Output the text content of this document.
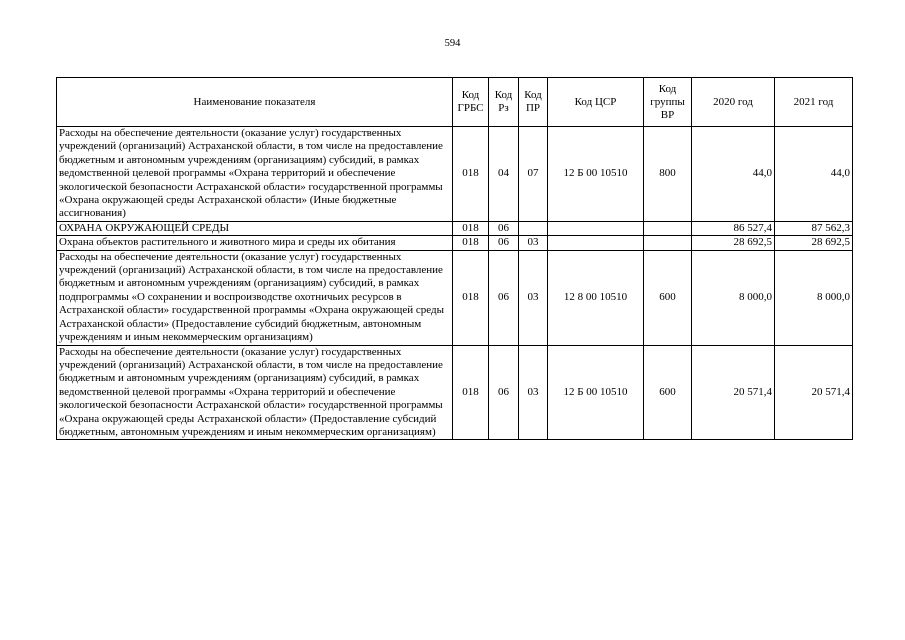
594
Наименование показателя	Код ГРБС	Код Рз	Код ПР	Код ЦСР	Код группы ВР	2020 год	2021 год
Расходы на обеспечение деятельности (оказание услуг) государственных учреждений (организаций) Астраханской области, в том числе на предоставление бюджетным и автономным учреждениям (организациям) субсидий, в рамках ведомственной целевой программы «Охрана территорий и обеспечение экологической безопасности Астраханской области» государственной программы «Охрана окружающей среды Астраханской области» (Иные бюджетные ассигнования)	018	04	07	12 Б 00 10510	800	44,0	44,0
ОХРАНА ОКРУЖАЮЩЕЙ СРЕДЫ	018	06				86 527,4	87 562,3
Охрана объектов растительного и животного мира и среды их обитания	018	06	03			28 692,5	28 692,5
Расходы на обеспечение деятельности (оказание услуг) государственных учреждений (организаций) Астраханской области, в том числе на предоставление бюджетным и автономным учреждениям (организациям) субсидий, в рамках подпрограммы «О сохранении и воспроизводстве охотничьих ресурсов в Астраханской области» государственной программы «Охрана окружающей среды Астраханской области» (Предоставление субсидий бюджетным, автономным учреждениям и иным некоммерческим организациям)	018	06	03	12 8 00 10510	600	8 000,0	8 000,0
Расходы на обеспечение деятельности (оказание услуг) государственных учреждений (организаций) Астраханской области, в том числе на предоставление бюджетным и автономным учреждениям (организациям) субсидий, в рамках ведомственной целевой программы «Охрана территорий и обеспечение экологической безопасности Астраханской области» государственной программы «Охрана окружающей среды Астраханской области» (Предоставление субсидий бюджетным, автономным учреждениям и иным некоммерческим организациям)	018	06	03	12 Б 00 10510	600	20 571,4	20 571,4
